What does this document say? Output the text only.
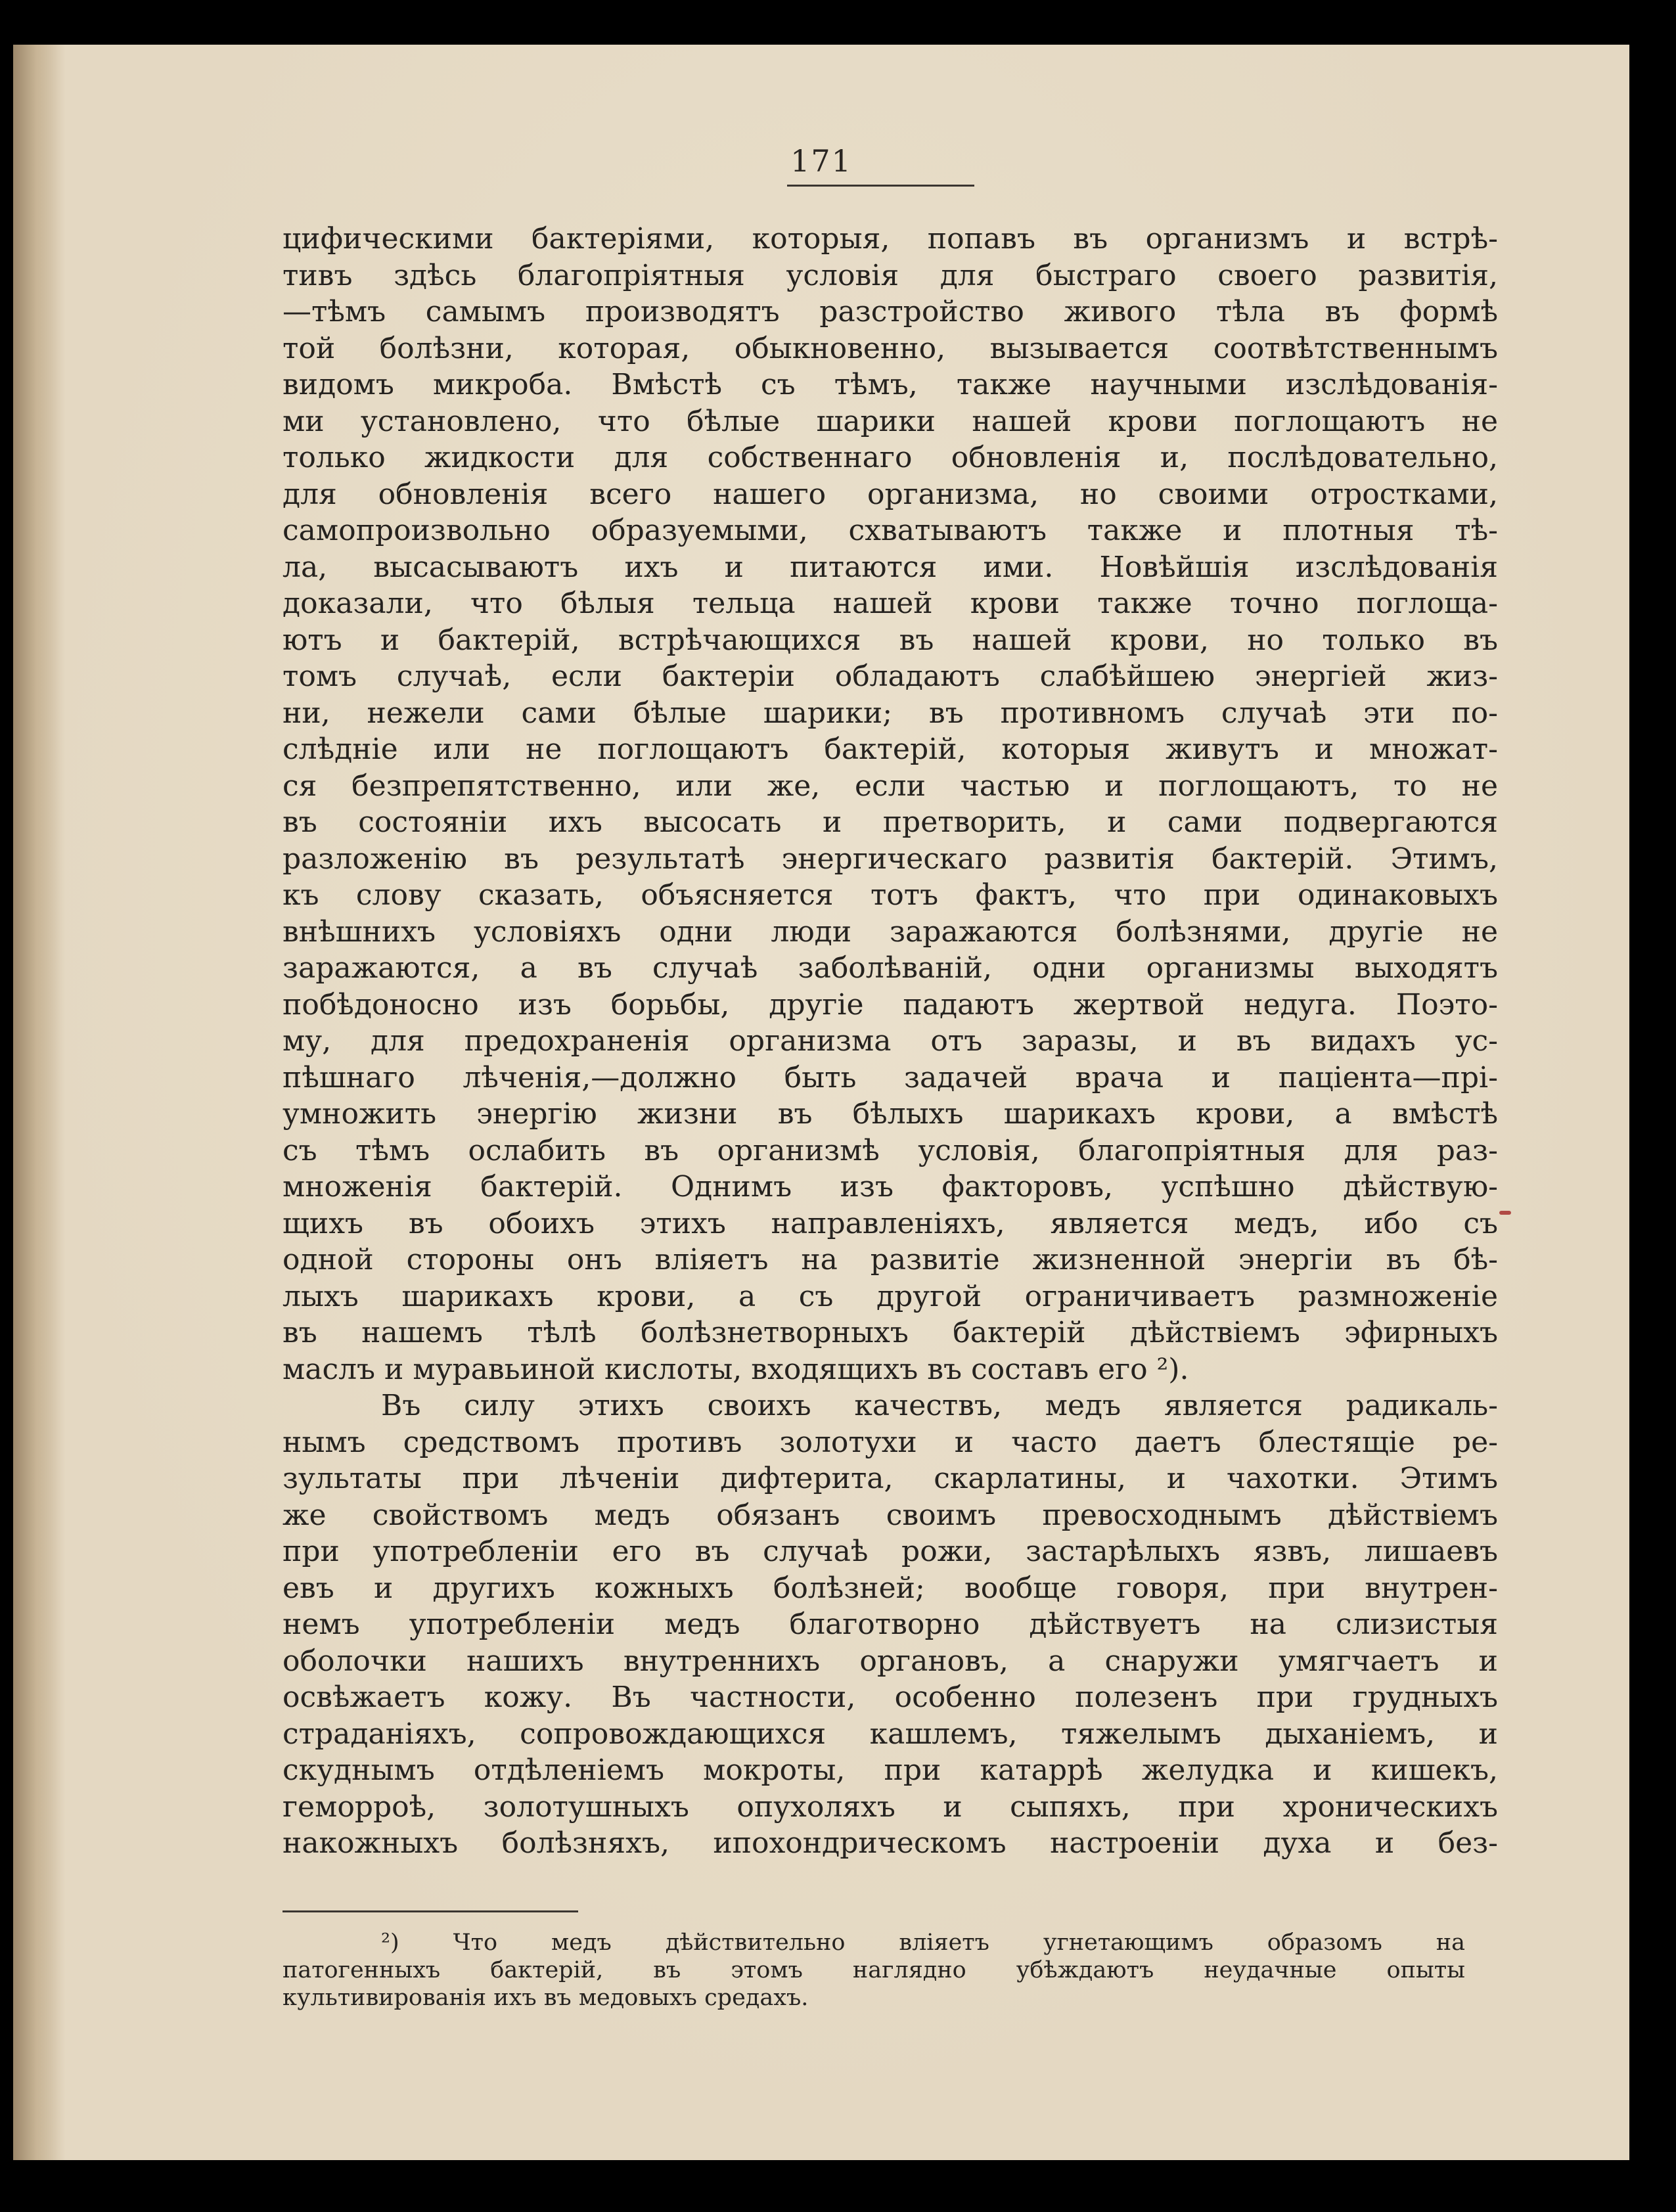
171
цифическими бактеріями, которыя, попавъ въ организмъ и встрѣ-
тивъ здѣсь благопріятныя условія для быстраго своего развитія,
—тѣмъ самымъ производятъ разстройство живого тѣла въ формѣ
той болѣзни, которая, обыкновенно, вызывается соотвѣтственнымъ
видомъ микроба. Вмѣстѣ съ тѣмъ, также научными изслѣдованія-
ми установлено, что бѣлые шарики нашей крови поглощаютъ не
только жидкости для собственнаго обновленія и, послѣдовательно,
для обновленія всего нашего организма, но своими отростками,
самопроизвольно образуемыми, схватываютъ также и плотныя тѣ-
ла, высасываютъ ихъ и питаются ими. Новѣйшія изслѣдованія
доказали, что бѣлыя тельца нашей крови также точно поглоща-
ютъ и бактерій, встрѣчающихся въ нашей крови, но только въ
томъ случаѣ, если бактеріи обладаютъ слабѣйшею энергіей жиз-
ни, нежели сами бѣлые шарики; въ противномъ случаѣ эти по-
слѣдніе или не поглощаютъ бактерій, которыя живутъ и множат-
ся безпрепятственно, или же, если частью и поглощаютъ, то не
въ состояніи ихъ высосать и претворить, и сами подвергаются
разложенію въ результатѣ энергическаго развитія бактерій. Этимъ,
къ слову сказать, объясняется тотъ фактъ, что при одинаковыхъ
внѣшнихъ условіяхъ одни люди заражаются болѣзнями, другіе не
заражаются, а въ случаѣ заболѣваній, одни организмы выходятъ
побѣдоносно изъ борьбы, другіе падаютъ жертвой недуга. Поэто-
му, для предохраненія организма отъ заразы, и въ видахъ ус-
пѣшнаго лѣченія,—должно быть задачей врача и паціента—прі-
умножить энергію жизни въ бѣлыхъ шарикахъ крови, а вмѣстѣ
съ тѣмъ ослабить въ организмѣ условія, благопріятныя для раз-
множенія бактерій. Однимъ изъ факторовъ, успѣшно дѣйствую-
щихъ въ обоихъ этихъ направленіяхъ, является медъ, ибо съ
одной стороны онъ вліяетъ на развитіе жизненной энергіи въ бѣ-
лыхъ шарикахъ крови, а съ другой ограничиваетъ размноженіе
въ нашемъ тѣлѣ болѣзнетворныхъ бактерій дѣйствіемъ эфирныхъ
маслъ и муравьиной кислоты, входящихъ въ составъ его ²).
Въ силу этихъ своихъ качествъ, медъ является радикаль-
нымъ средствомъ противъ золотухи и часто даетъ блестящіе ре-
зультаты при лѣченіи дифтерита, скарлатины, и чахотки. Этимъ
же свойствомъ медъ обязанъ своимъ превосходнымъ дѣйствіемъ
при употребленіи его въ случаѣ рожи, застарѣлыхъ язвъ, лишаевъ
евъ и другихъ кожныхъ болѣзней; вообще говоря, при внутрен-
немъ употребленіи медъ благотворно дѣйствуетъ на слизистыя
оболочки нашихъ внутреннихъ органовъ, а снаружи умягчаетъ и
освѣжаетъ кожу. Въ частности, особенно полезенъ при грудныхъ
страданіяхъ, сопровождающихся кашлемъ, тяжелымъ дыханіемъ, и
скуднымъ отдѣленіемъ мокроты, при катаррѣ желудка и кишекъ,
геморроѣ, золотушныхъ опухоляхъ и сыпяхъ, при хроническихъ
накожныхъ болѣзняхъ, ипохондрическомъ настроеніи духа и без-
²) Что медъ дѣйствительно вліяетъ угнетающимъ образомъ на
патогенныхъ бактерій, въ этомъ наглядно убѣждаютъ неудачные опыты
культивированія ихъ въ медовыхъ средахъ.
